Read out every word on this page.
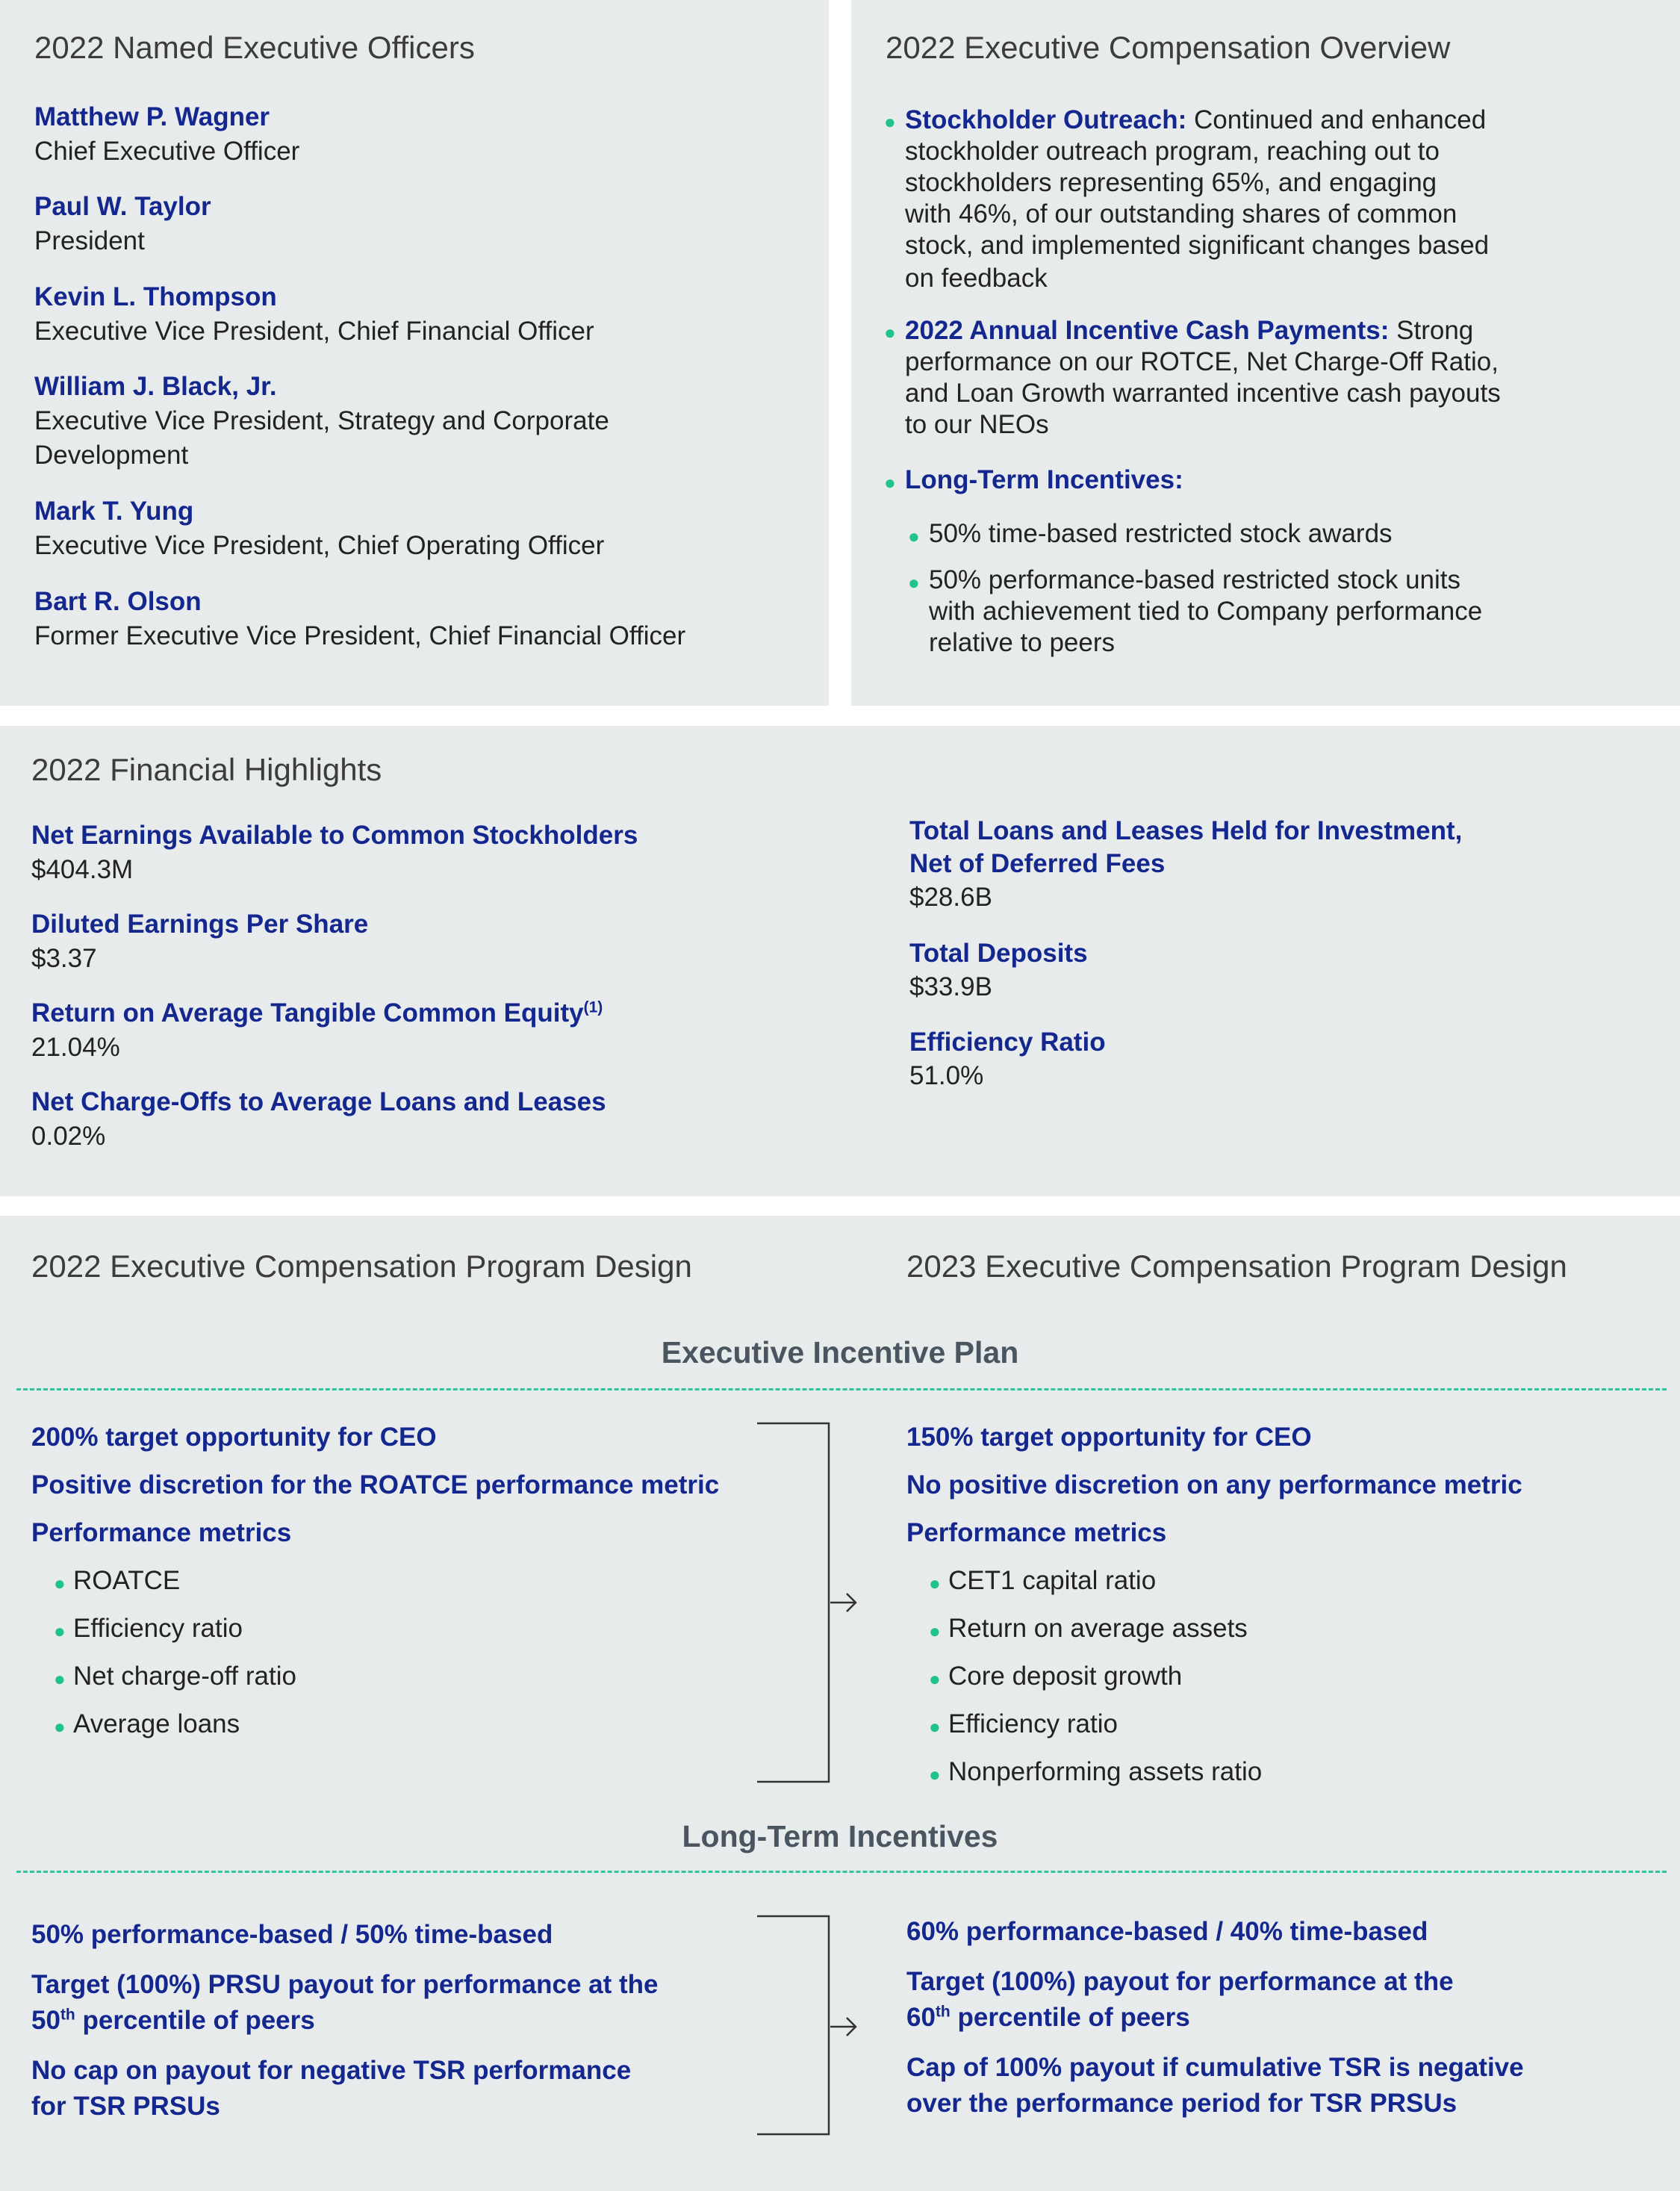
2022 Named Executive Officers
Matthew P. Wagner
Chief Executive Officer
Paul W. Taylor
President
Kevin L. Thompson
Executive Vice President, Chief Financial Officer
William J. Black, Jr.
Executive Vice President, Strategy and Corporate
Development
Mark T. Yung
Executive Vice President, Chief Operating Officer
Bart R. Olson
Former Executive Vice President, Chief Financial Officer
2022 Executive Compensation Overview
● Stockholder Outreach: Continued and enhanced
stockholder outreach program, reaching out to
stockholders representing 65%, and engaging
with 46%, of our outstanding shares of common
stock, and implemented significant changes based
on feedback
● 2022 Annual Incentive Cash Payments: Strong
performance on our ROTCE, Net Charge-Off Ratio,
and Loan Growth warranted incentive cash payouts
to our NEOs
● Long-Term Incentives:
● 50% time-based restricted stock awards
● 50% performance-based restricted stock units
with achievement tied to Company performance
relative to peers
2022 Financial Highlights
Net Earnings Available to Common Stockholders
$404.3M
Diluted Earnings Per Share
$3.37
Return on Average Tangible Common Equity$^{(1)}$
21.04%
Net Charge-Offs to Average Loans and Leases
0.02%
Total Loans and Leases Held for Investment,
Net of Deferred Fees
$28.6B
Total Deposits
$33.9B
Efficiency Ratio
51.0%
2022 Executive Compensation Program Design	2023 Executive Compensation Program Design
Executive Incentive Plan
200% target opportunity for CEO
Positive discretion for the ROATCE performance metric
Performance metrics
● ROATCE
● Efficiency ratio
● Net charge-off ratio
● Average loans
150% target opportunity for CEO
No positive discretion on any performance metric
Performance metrics
● CET1 capital ratio
● Return on average assets
● Core deposit growth
● Efficiency ratio
● Nonperforming assets ratio
Long-Term Incentives
50% performance-based / 50% time-based
Target (100%) PRSU payout for performance at the
50th percentile of peers
No cap on payout for negative TSR performance
for TSR PRSUs
60% performance-based / 40% time-based
Target (100%) payout for performance at the
60th percentile of peers
Cap of 100% payout if cumulative TSR is negative
over the performance period for TSR PRSUs
